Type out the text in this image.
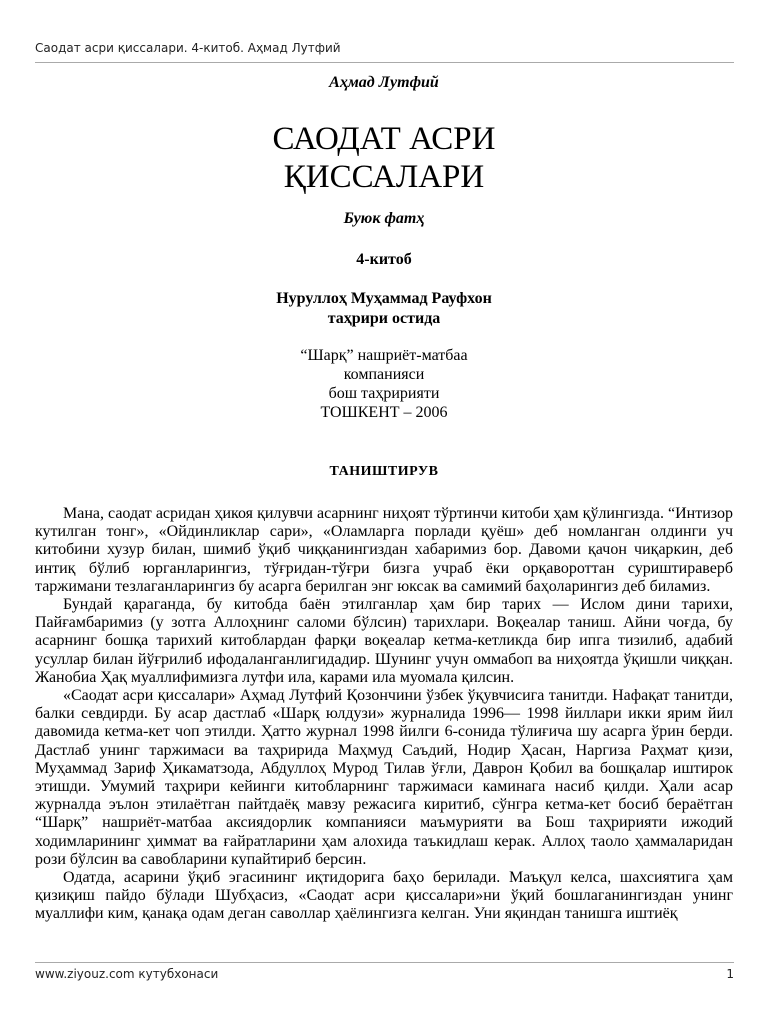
Саодат асри қиссалари. 4-китоб. Аҳмад Лутфий
Аҳмад Лутфий
САОДАТ АСРИ
ҚИССАЛАРИ
Буюк фатҳ
4-китоб
Нуруллоҳ Муҳаммад Рауфхон
таҳрири остида
“Шарқ” нашриёт-матбаа
компанияси
бош таҳририяти
ТОШКЕНТ – 2006
ТАНИШТИРУВ

Мана, саодат асридан ҳикоя қилувчи асарнинг ниҳоят тўртинчи китоби ҳам қўлингизда. “Интизор кутилган тонг», «Ойдинликлар сари», «Оламларга порлади қуёш» деб номланган олдинги уч китобини хузур билан, шимиб ўқиб чиққанингиздан хабаримиз бор. Давоми қачон чиқаркин, деб интиқ бўлиб юрганларингиз, тўғридан-тўғри бизга учраб ёки орқавороттан суриштираверб таржимани тезлаганларингиз бу асарга берилган энг юксак ва самимий баҳоларингиз деб биламиз.

Бундай қараганда, бу китобда баён этилганлар ҳам бир тарих — Ислом дини тарихи, Пайғамбаримиз (у зотга Аллоҳнинг саломи бўлсин) тарихлари. Воқеалар таниш. Айни чоғда, бу асарнинг бошқа тарихий китоблардан фарқи воқеалар кетма-кетликда бир ипга тизилиб, адабий усуллар билан йўғрилиб ифодаланганлигидадир. Шунинг учун оммабоп ва ниҳоятда ўқишли чиққан. Жанобиа Ҳақ муаллифимизга лутфи ила, карами ила муомала қилсин.

«Саодат асри қиссалари» Аҳмад Лутфий Қозончини ўзбек ўқувчисига танитди. Нафақат танитди, балки севдирди. Бу асар дастлаб «Шарқ юлдузи» журналида 1996— 1998 йиллари икки ярим йил давомида кетма-кет чоп этилди. Ҳатто журнал 1998 йилги 6-сонида тўлиғича шу асарга ўрин берди. Дастлаб унинг таржимаси ва таҳририда Маҳмуд Саъдий, Нодир Ҳасан, Наргиза Раҳмат қизи, Муҳаммад Зариф Ҳикаматзода, Абдуллоҳ Мурод Тилав ўғли, Даврон Қобил ва бошқалар иштирок этишди. Умумий таҳрири кейинги китобларнинг таржимаси каминага насиб қилди. Ҳали асар журналда эълон этилаётган пайтдаёқ мавзу режасига киритиб, сўнгра кетма-кет босиб бераётган “Шарқ” нашриёт-матбаа аксиядорлик компанияси маъмурияти ва Бош таҳририяти ижодий ходимларининг ҳиммат ва ғайратларини ҳам алохида таъкидлаш керак. Аллоҳ таоло ҳаммаларидан рози бўлсин ва савобларини купайтириб берсин.

Одатда, асарини ўқиб эгасининг иқтидорига баҳо берилади. Маъқул келса, шахсиятига ҳам қизиқиш пайдо бўлади Шубҳасиз, «Саодат асри қиссалари»ни ўқий бошлаганингиздан унинг муаллифи ким, қанақа одам деган саволлар ҳаёлингизга келган. Уни яқиндан танишга иштиёқ

www.ziyouz.com кутубхонаси	1
